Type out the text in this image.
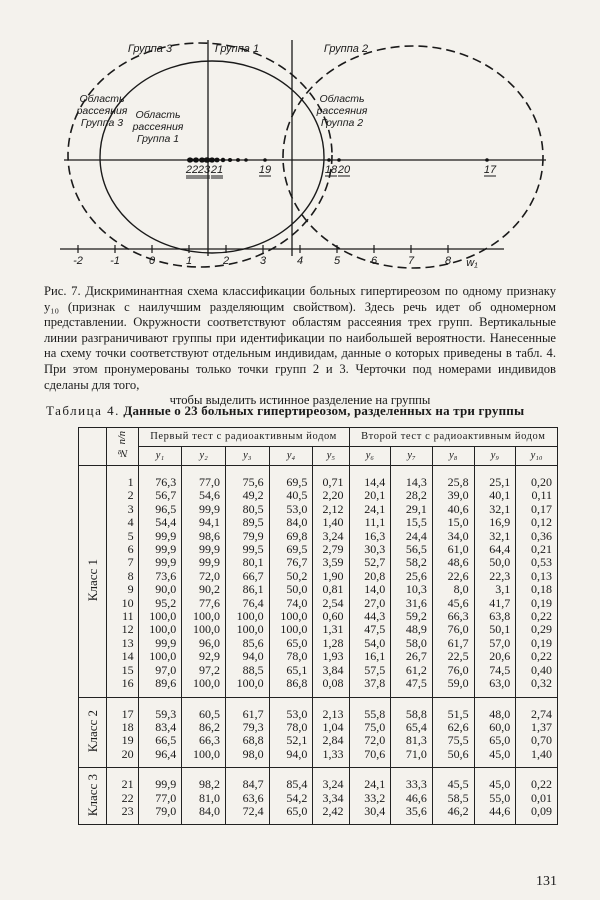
22 23 21	19	18 20	17
Группа 3	Группа 1	Группа 2
Область
рассеяния
Группа 3
Область
рассеяния
Группа 1
Область
рассеяния
Группа 2
-2 -1	0	1	2	3	4	5	6	7	8 w₁
Рис. 7. Дискриминантная схема классификации больных гипертиреозом по одному признаку y₁₀ (признак с наилучшим разделяющим свойством). Здесь речь идет об одномерном представлении. Окружности соответствуют областям рассеяния трех групп. Вертикальные линии разграничивают группы при идентификации по наибольшей вероятности. Нанесенные на схему точки соответствуют отдельным индивидам, данные о которых приведены в табл. 4. При этом пронумерованы только точки групп 2 и 3. Черточки под номерами индивидов сделаны для того,
чтобы выделить истинное разделение на группы
Таблица 4. Данные о 23 больных гипертиреозом, разделенных на три группы
	№ п/п	Первый тест с радиоактивным йодом					Второй тест с радиоактивным йодом				
		y₁	y₂	y₃	y₄	y₅	y₆	y₇	y₈	y₉	y₁₀
Класс 1											
	1	76,3	77,0	75,6	69,5	0,71	14,4	14,3	25,8	25,1	0,20
	2	56,7	54,6	49,2	40,5	2,20	20,1	28,2	39,0	40,1	0,11
	3	96,5	99,9	80,5	53,0	2,12	24,1	29,1	40,6	32,1	0,17
	4	54,4	94,1	89,5	84,0	1,40	11,1	15,5	15,0	16,9	0,12
	5	99,9	98,6	79,9	69,8	3,24	16,3	24,4	34,0	32,1	0,36
	6	99,9	99,9	99,5	69,5	2,79	30,3	56,5	61,0	64,4	0,21
	7	99,9	99,9	80,1	76,7	3,59	52,7	58,2	48,6	50,0	0,53
	8	73,6	72,0	66,7	50,2	1,90	20,8	25,6	22,6	22,3	0,13
	9	90,0	90,2	86,1	50,0	0,81	14,0	10,3	8,0	3,1	0,18
	10	95,2	77,6	76,4	74,0	2,54	27,0	31,6	45,6	41,7	0,19
	11	100,0	100,0	100,0	100,0	0,60	44,3	59,2	66,3	63,8	0,22
	12	100,0	100,0	100,0	100,0	1,31	47,5	48,9	76,0	50,1	0,29
	13	99,9	96,0	85,6	65,0	1,28	54,0	58,0	61,7	57,0	0,19
	14	100,0	92,9	94,0	78,0	1,93	16,1	26,7	22,5	20,6	0,22
	15	97,0	97,2	88,5	65,1	3,84	57,5	61,2	76,0	74,5	0,40
	16	89,6	100,0	100,0	86,8	0,08	37,8	47,5	59,0	63,0	0,32

Класс 2											
	17	59,3	60,5	61,7	53,0	2,13	55,8	58,8	51,5	48,0	2,74
	18	83,4	86,2	79,3	78,0	1,04	75,0	65,4	62,6	60,0	1,37
	19	66,5	66,3	68,8	52,1	2,84	72,0	81,3	75,5	65,0	0,70
	20	96,4	100,0	98,0	94,0	1,33	70,6	71,0	50,6	45,0	1,40

Класс 3											
	21	99,9	98,2	84,7	85,4	3,24	24,1	33,3	45,5	45,0	0,22
	22	77,0	81,0	63,6	54,2	3,34	33,2	46,6	58,5	55,0	0,01
	23	79,0	84,0	72,4	65,0	2,42	30,4	35,6	46,2	44,6	0,09

131
